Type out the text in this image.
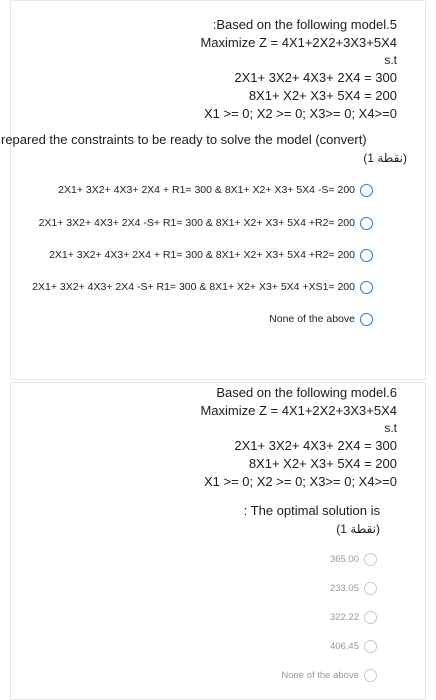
:Based on the following model.5
Maximize Z = 4X1+2X2+3X3+5X4
s.t
2X1+ 3X2+ 4X3+ 2X4 = 300
8X1+ X2+ X3+ 5X4 = 200
X1 >= 0; X2 >= 0; X3>= 0; X4>=0
repared the constraints to be ready to solve the model (convert)
(1 نقطة)
2X1+ 3X2+ 4X3+ 2X4 + R1= 300 & 8X1+ X2+ X3+ 5X4 -S= 200
2X1+ 3X2+ 4X3+ 2X4 -S+ R1= 300 & 8X1+ X2+ X3+ 5X4 +R2= 200
2X1+ 3X2+ 4X3+ 2X4 + R1= 300 & 8X1+ X2+ X3+ 5X4 +R2= 200
2X1+ 3X2+ 4X3+ 2X4 -S+ R1= 300 & 8X1+ X2+ X3+ 5X4 +XS1= 200
None of the above
Based on the following model.6
Maximize Z = 4X1+2X2+3X3+5X4
s.t
2X1+ 3X2+ 4X3+ 2X4 = 300
8X1+ X2+ X3+ 5X4 = 200
X1 >= 0; X2 >= 0; X3>= 0; X4>=0
: The optimal solution is
(1 نقطة)
365.00
233.05
322.22
406.45
None of the above
